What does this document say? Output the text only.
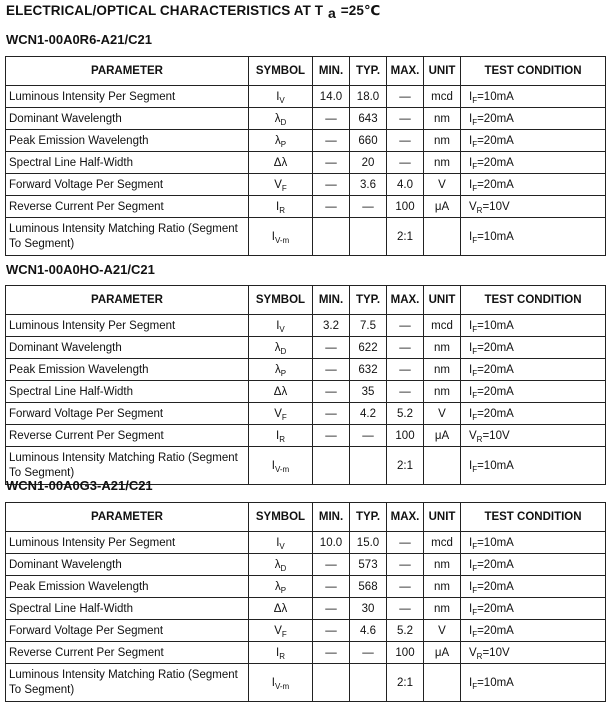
ELECTRICAL/OPTICAL CHARACTERISTICS AT T a =25℃
WCN1-00A0R6-A21/C21
PARAMETER	SYMBOL	MIN.	TYP.	MAX.	UNIT	TEST CONDITION
Luminous Intensity Per Segment	$I_V$	14.0	18.0	—	mcd	$I_F=10mA$
Dominant Wavelength	$\lambda_D$	—	643	—	nm	$I_F=20mA$
Peak Emission Wavelength	$\lambda_P$	—	660	—	nm	$I_F=20mA$
Spectral Line Half-Width	Δλ	—	20	—	nm	$I_F=20mA$
Forward Voltage Per Segment	$V_F$	—	3.6	4.0	V	$I_F=20mA$
Reverse Current Per Segment	$I_R$	—	—	100	μA	$V_R=10V$
Luminous Intensity Matching Ratio (Segment To Segment)	$I_{V-m}$			2:1		$I_F=10mA$
WCN1-00A0HO-A21/C21
PARAMETER	SYMBOL	MIN.	TYP.	MAX.	UNIT	TEST CONDITION
Luminous Intensity Per Segment	$I_V$	3.2	7.5	—	mcd	$I_F=10mA$
Dominant Wavelength	$\lambda_D$	—	622	—	nm	$I_F=20mA$
Peak Emission Wavelength	$\lambda_P$	—	632	—	nm	$I_F=20mA$
Spectral Line Half-Width	Δλ	—	35	—	nm	$I_F=20mA$
Forward Voltage Per Segment	$V_F$	—	4.2	5.2	V	$I_F=20mA$
Reverse Current Per Segment	$I_R$	—	—	100	μA	$V_R=10V$
Luminous Intensity Matching Ratio (Segment To Segment)	$I_{V-m}$			2:1		$I_F=10mA$
WCN1-00A0G3-A21/C21
PARAMETER	SYMBOL	MIN.	TYP.	MAX.	UNIT	TEST CONDITION
Luminous Intensity Per Segment	$I_V$	10.0	15.0	—	mcd	$I_F=10mA$
Dominant Wavelength	$\lambda_D$	—	573	—	nm	$I_F=20mA$
Peak Emission Wavelength	$\lambda_P$	—	568	—	nm	$I_F=20mA$
Spectral Line Half-Width	Δλ	—	30	—	nm	$I_F=20mA$
Forward Voltage Per Segment	$V_F$	—	4.6	5.2	V	$I_F=20mA$
Reverse Current Per Segment	$I_R$	—	—	100	μA	$V_R=10V$
Luminous Intensity Matching Ratio (Segment To Segment)	$I_{V-m}$			2:1		$I_F=10mA$
